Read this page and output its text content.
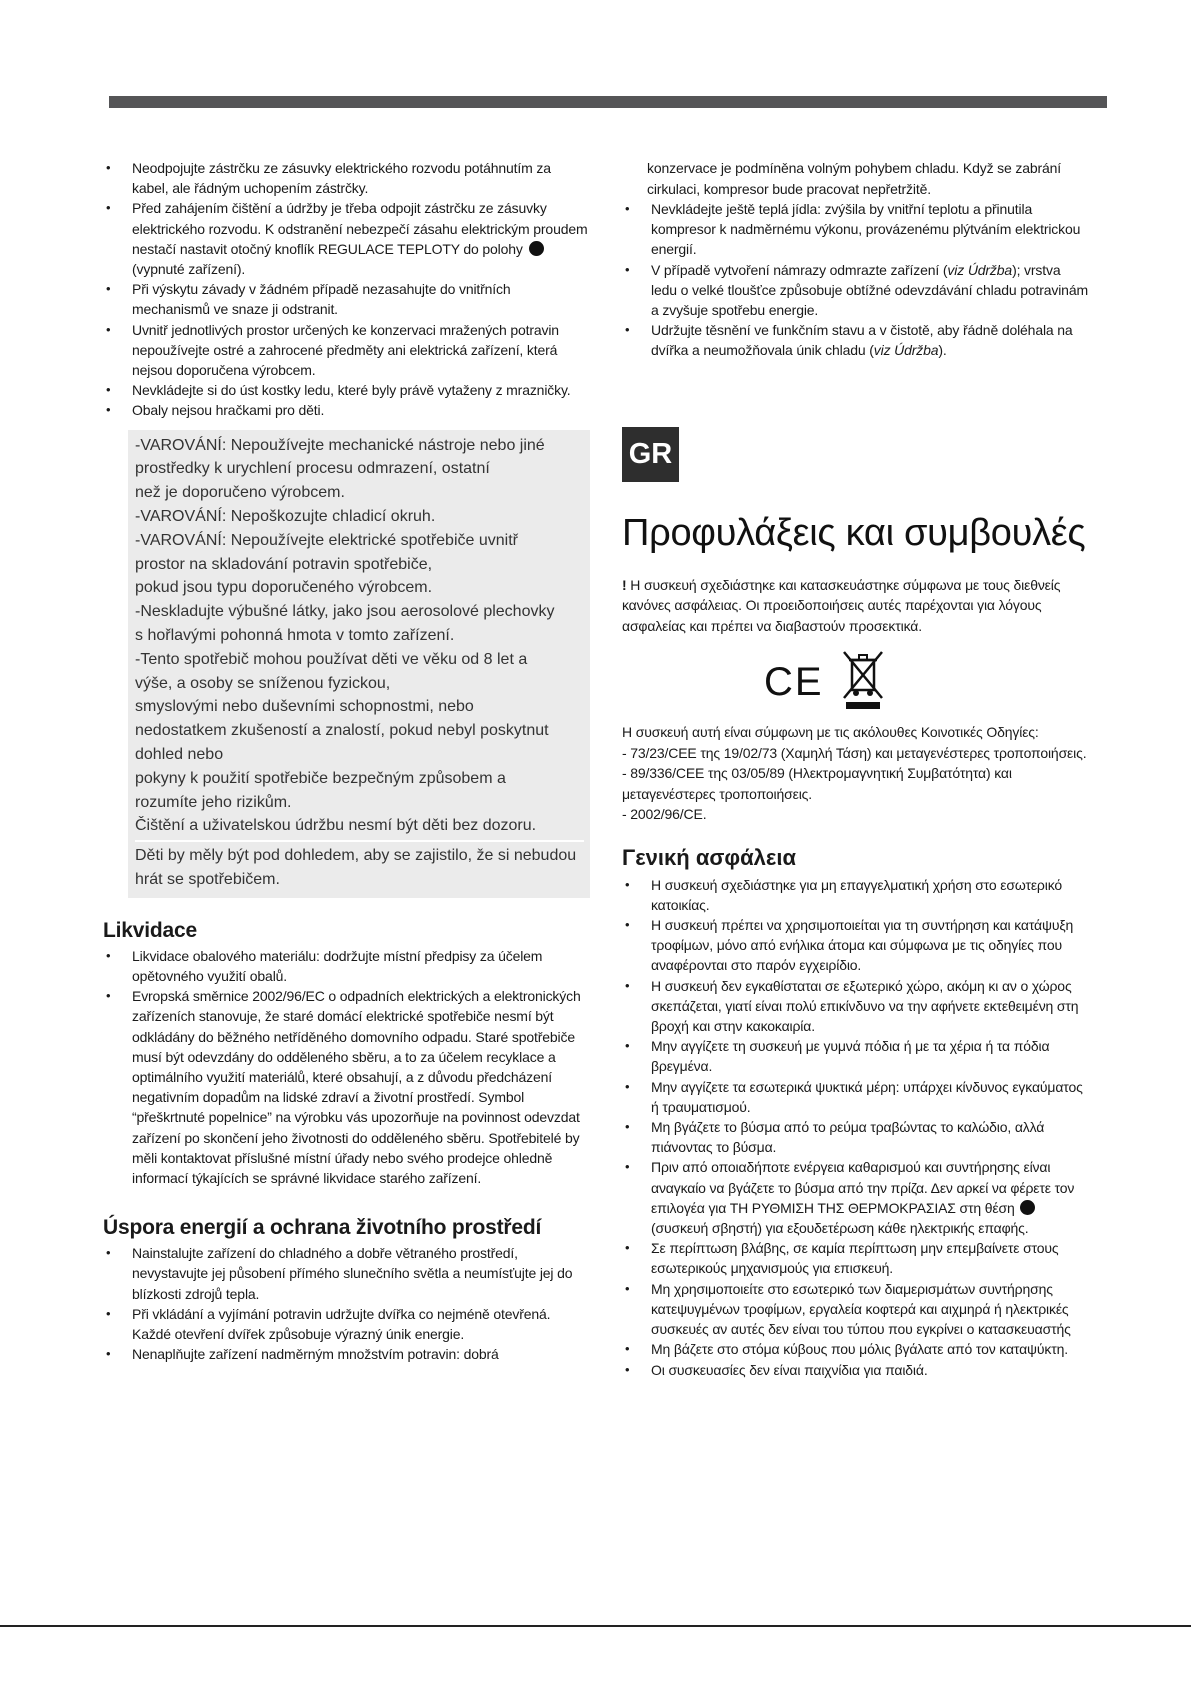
• Neodpojujte zástrčku ze zásuvky elektrického rozvodu potáhnutím za kabel, ale řádným uchopením zástrčky.
• Před zahájením čištění a údržby je třeba odpojit zástrčku ze zásuvky elektrického rozvodu. K odstranění nebezpečí zásahu elektrickým proudem nestačí nastavit otočný knoflík REGULACE TEPLOTY do polohy  (vypnuté zařízení).
• Při výskytu závady v žádném případě nezasahujte do vnitřních mechanismů ve snaze ji odstranit.
• Uvnitř jednotlivých prostor určených ke konzervaci mražených potravin nepoužívejte ostré a zahrocené předměty ani elektrická zařízení, která nejsou doporučena výrobcem.
• Nevkládejte si do úst kostky ledu, které byly právě vytaženy z mrazničky.
• Obaly nejsou hračkami pro děti.

-VAROVÁNÍ: Nepoužívejte mechanické nástroje nebo jiné

prostředky k urychlení procesu odmrazení, ostatní

než je doporučeno výrobcem.

-VAROVÁNÍ: Nepoškozujte chladicí okruh.

-VAROVÁNÍ: Nepoužívejte elektrické spotřebiče uvnitř

prostor na skladování potravin spotřebiče,

pokud jsou typu doporučeného výrobcem.

-Neskladujte výbušné látky, jako jsou aerosolové plechovky

s hořlavými pohonná hmota v tomto zařízení.

-Tento spotřebič mohou používat děti ve věku od 8 let a

výše, a osoby se sníženou fyzickou,

smyslovými nebo duševními schopnostmi, nebo

nedostatkem zkušeností a znalostí, pokud nebyl poskytnut

dohled nebo

pokyny k použití spotřebiče bezpečným způsobem a

rozumíte jeho rizikům.

Čištění a uživatelskou údržbu nesmí být děti bez dozoru.

Děti by měly být pod dohledem, aby se zajistilo, že si nebudou hrát se spotřebičem.

Likvidace
• Likvidace obalového materiálu: dodržujte místní předpisy za účelem opětovného využití obalů.
• Evropská směrnice 2002/96/EC o odpadních elektrických a elektronických zařízeních stanovuje, že staré domácí elektrické spotřebiče nesmí být odkládány do běžného netříděného domovního odpadu. Staré spotřebiče musí být odevzdány do odděleného sběru, a to za účelem recyklace a optimálního využití materiálů, které obsahují, a z důvodu předcházení negativním dopadům na lidské zdraví a životní prostředí. Symbol “přeškrtnuté popelnice” na výrobku vás upozorňuje na povinnost odevzdat zařízení po skončení jeho životnosti do odděleného sběru. Spotřebitelé by měli kontaktovat příslušné místní úřady nebo svého prodejce ohledně informací týkajících se správné likvidace starého zařízení.
Úspora energií a ochrana životního prostředí
• Nainstalujte zařízení do chladného a dobře větraného prostředí, nevystavujte jej působení přímého slunečního světla a neumísťujte jej do blízkosti zdrojů tepla.
• Při vkládání a vyjímání potravin udržujte dvířka co nejméně otevřená.
Každé otevření dvířek způsobuje výrazný únik energie.
• Nenaplňujte zařízení nadměrným množstvím potravin: dobrá

konzervace je podmíněna volným pohybem chladu. Když se zabrání cirkulaci, kompresor bude pracovat nepřetržitě.

• Nevkládejte ještě teplá jídla: zvýšila by vnitřní teplotu a přinutila kompresor k nadměrnému výkonu, provázenému plýtváním elektrickou energií.
• V případě vytvoření námrazy odmrazte zařízení (viz Údržba); vrstva ledu o velké tloušťce způsobuje obtížné odevzdávání chladu potravinám a zvyšuje spotřebu energie.
• Udržujte těsnění ve funkčním stavu a v čistotě, aby řádně doléhala na dvířka a neumožňovala únik chladu (viz Údržba).
GR
Προφυλάξεις και συμβουλές

! Η συσκευή σχεδιάστηκε και κατασκευάστηκε σύμφωνα με τους διεθνείς κανόνες ασφάλειας. Οι προειδοποιήσεις αυτές παρέχονται για λόγους ασφαλείας και πρέπει να διαβαστούν προσεκτικά.

CE

Η συσκευή αυτή είναι σύμφωνη με τις ακόλουθες Κοινοτικές Οδηγίες:

- 73/23/CEE της 19/02/73 (Χαμηλή Τάση) και μεταγενέστερες τροποποιήσεις.

- 89/336/CEE της 03/05/89 (Ηλεκτρομαγνητική Συμβατότητα) και μεταγενέστερες τροποποιήσεις.

- 2002/96/CE.

Γενική ασφάλεια
• Η συσκευή σχεδιάστηκε για μη επαγγελματική χρήση στο εσωτερικό κατοικίας.
• Η συσκευή πρέπει να χρησιμοποιείται για τη συντήρηση και κατάψυξη τροφίμων, μόνο από ενήλικα άτομα και σύμφωνα με τις οδηγίες που αναφέρονται στο παρόν εγχειρίδιο.
• Η συσκευή δεν εγκαθίσταται σε εξωτερικό χώρο, ακόμη κι αν ο χώρος σκεπάζεται, γιατί είναι πολύ επικίνδυνο να την αφήνετε εκτεθειμένη στη βροχή και στην κακοκαιρία.
• Μην αγγίζετε τη συσκευή με γυμνά πόδια ή με τα χέρια ή τα πόδια βρεγμένα.
• Μην αγγίζετε τα εσωτερικά ψυκτικά μέρη: υπάρχει κίνδυνος εγκαύματος ή τραυματισμού.
• Μη βγάζετε το βύσμα από το ρεύμα τραβώντας το καλώδιο, αλλά πιάνοντας το βύσμα.
• Πριν από οποιαδήποτε ενέργεια καθαρισμού και συντήρησης είναι αναγκαίο να βγάζετε το βύσμα από την πρίζα. Δεν αρκεί να φέρετε τον επιλογέα για ΤΗ ΡΥΘΜΙΣΗ ΤΗΣ ΘΕΡΜΟΚΡΑΣΙΑΣ στη θέση  (συσκευή σβηστή) για εξουδετέρωση κάθε ηλεκτρικής επαφής.
• Σε περίπτωση βλάβης, σε καμία περίπτωση μην επεμβαίνετε στους εσωτερικούς μηχανισμούς για επισκευή.
• Μη χρησιμοποιείτε στο εσωτερικό των διαμερισμάτων συντήρησης κατεψυγμένων τροφίμων, εργαλεία κοφτερά και αιχμηρά ή ηλεκτρικές συσκευές αν αυτές δεν είναι του τύπου που εγκρίνει ο κατασκευαστής
• Μη βάζετε στο στόμα κύβους που μόλις βγάλατε από τον καταψύκτη.
• Οι συσκευασίες δεν είναι παιχνίδια για παιδιά.
